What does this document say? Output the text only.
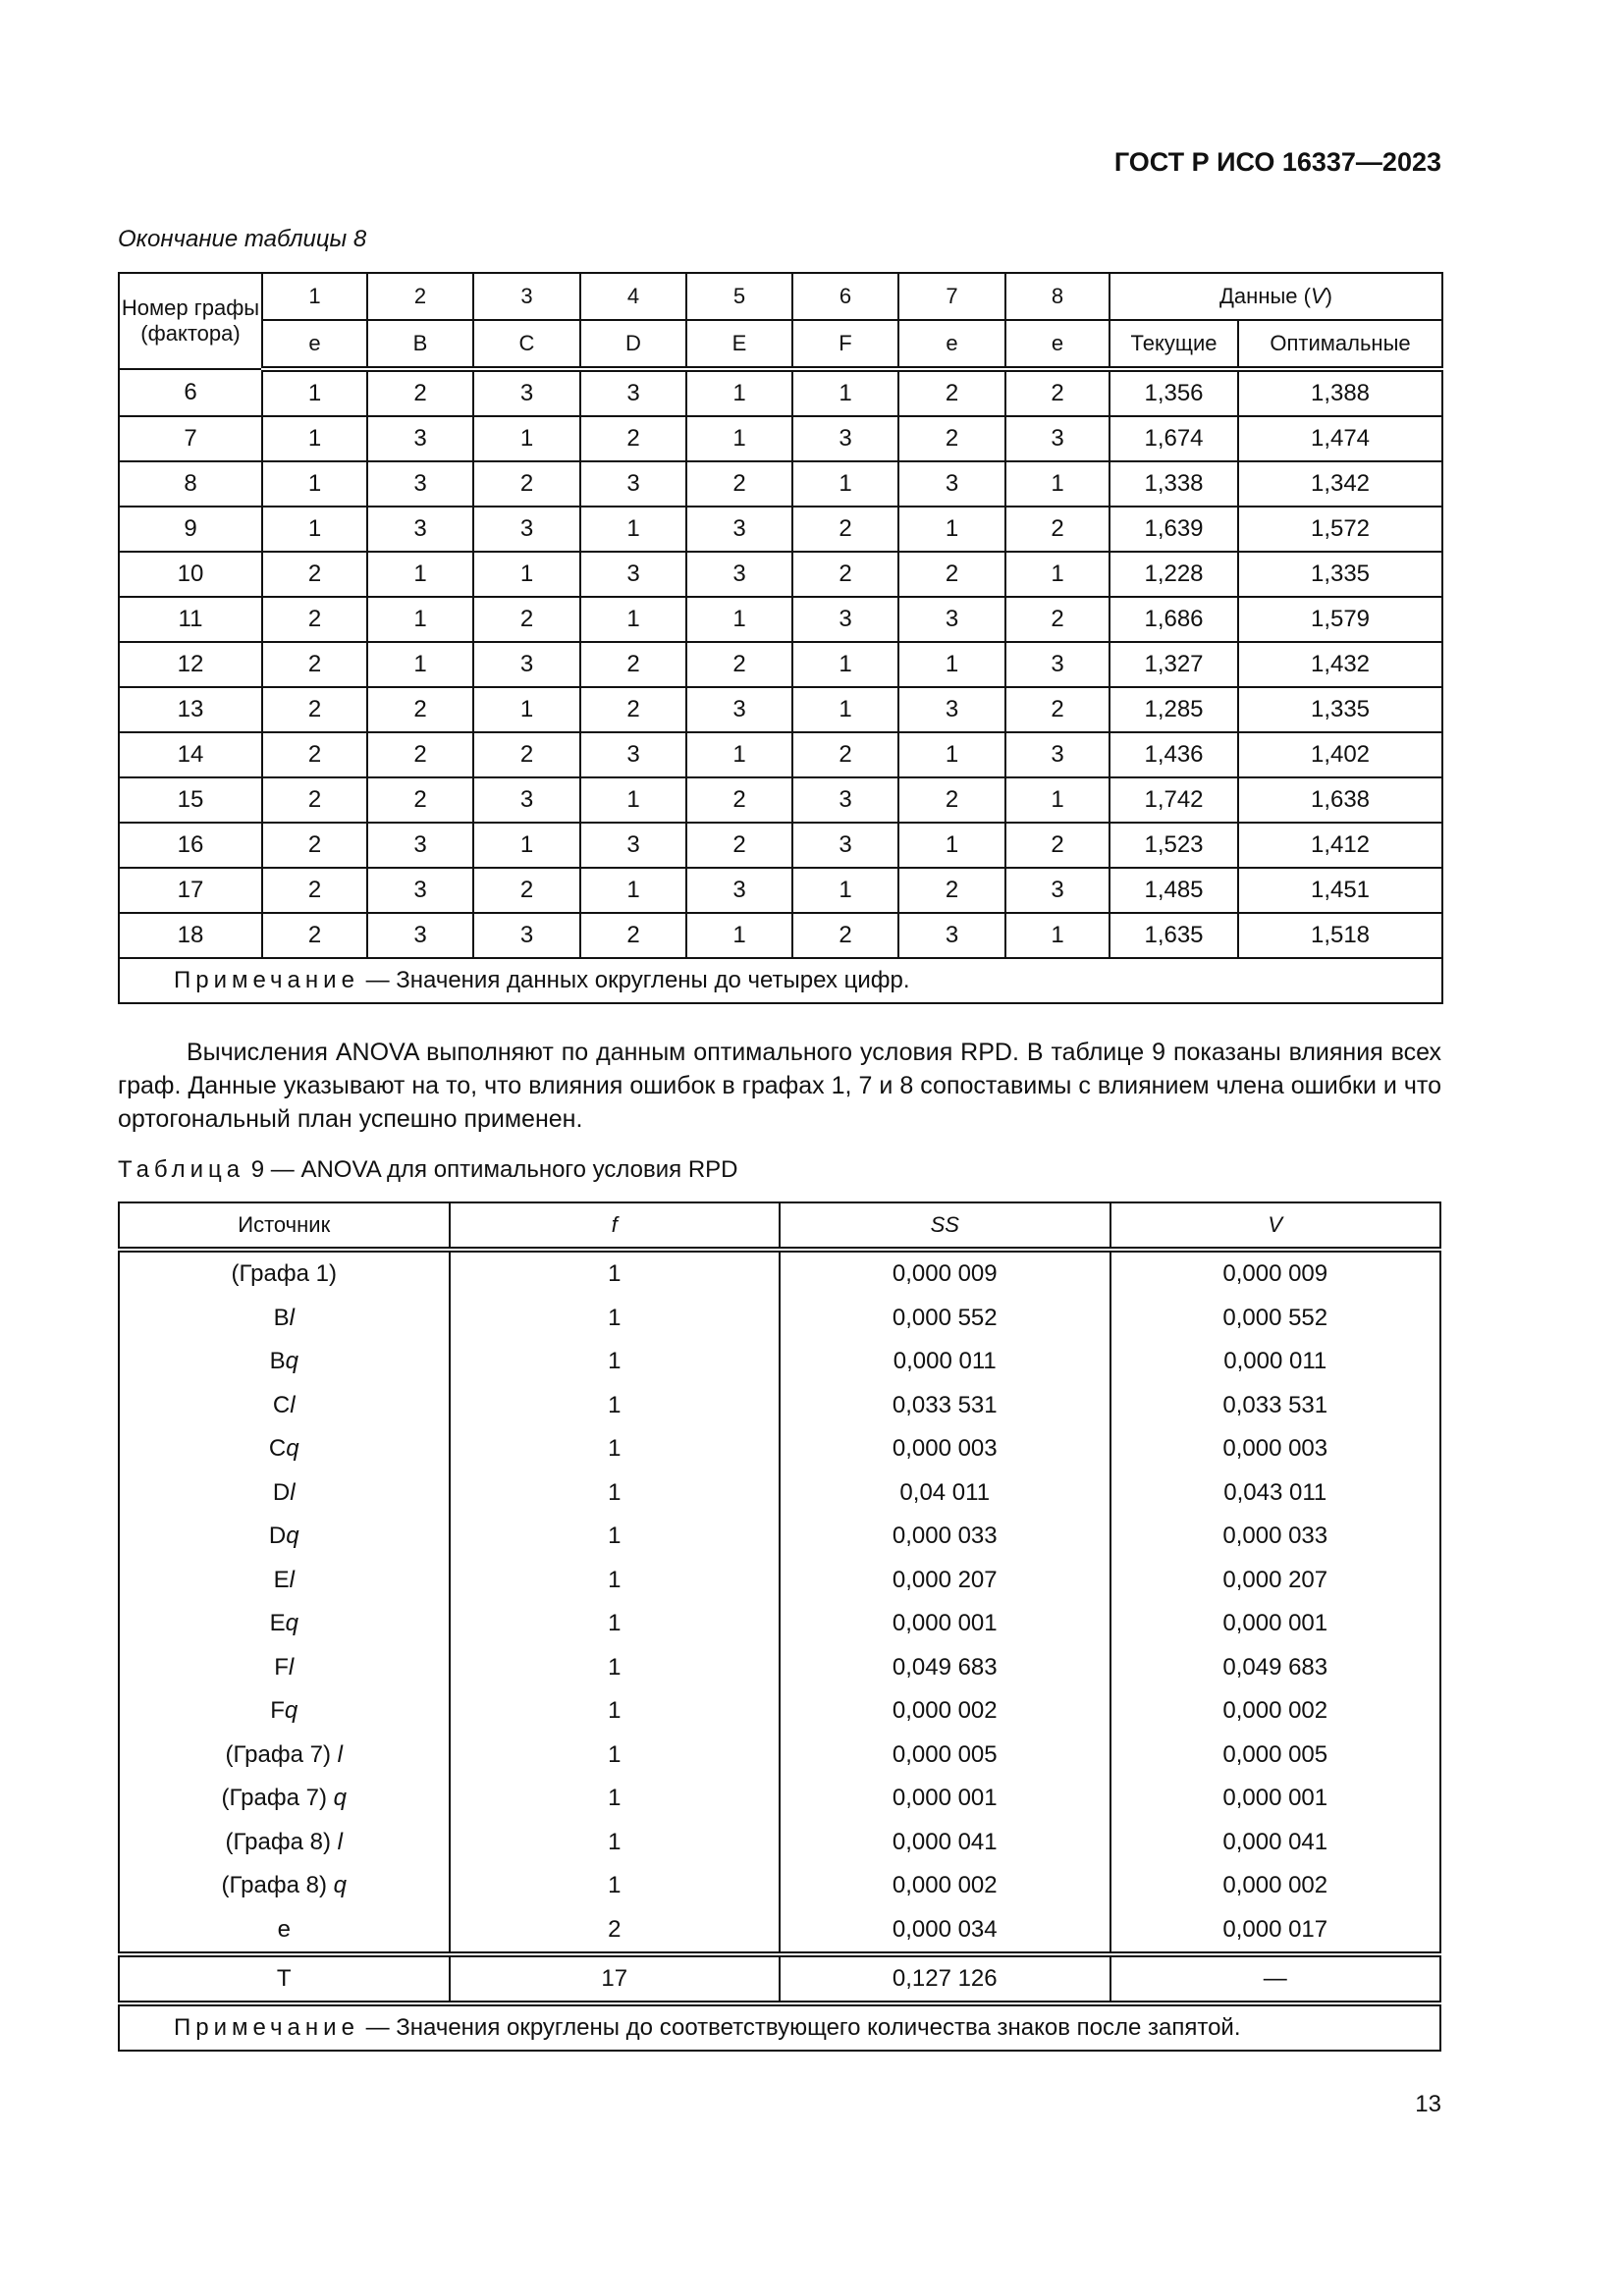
ГОСТ Р ИСО 16337—2023
Окончание таблицы 8
Номер графы (фактора)	1	2	3	4	5	6	7	8	Данные (V)	
	e	B	C	D	E	F	e	e	Текущие	Оптимальные
6	1	2	3	3	1	1	2	2	1,356	1,388
7	1	3	1	2	1	3	2	3	1,674	1,474
8	1	3	2	3	2	1	3	1	1,338	1,342
9	1	3	3	1	3	2	1	2	1,639	1,572
10	2	1	1	3	3	2	2	1	1,228	1,335
11	2	1	2	1	1	3	3	2	1,686	1,579
12	2	1	3	2	2	1	1	3	1,327	1,432
13	2	2	1	2	3	1	3	2	1,285	1,335
14	2	2	2	3	1	2	1	3	1,436	1,402
15	2	2	3	1	2	3	2	1	1,742	1,638
16	2	3	1	3	2	3	1	2	1,523	1,412
17	2	3	2	1	3	1	2	3	1,485	1,451
18	2	3	3	2	1	2	3	1	1,635	1,518
Примечание — Значения данных округлены до четырех цифр.										
Вычисления ANOVA выполняют по данным оптимального условия RPD. В таблице 9 показаны влияния всех граф. Данные указывают на то, что влияния ошибок в графах 1, 7 и 8 сопоставимы с влиянием члена ошибки и что ортогональный план успешно применен.
Таблица 9 — ANOVA для оптимального условия RPD
Источник	f	SS	V
(Графа 1)	1	0,000 009	0,000 009
Bl	1	0,000 552	0,000 552
Bq	1	0,000 011	0,000 011
Cl	1	0,033 531	0,033 531
Cq	1	0,000 003	0,000 003
Dl	1	0,04 011	0,043 011
Dq	1	0,000 033	0,000 033
El	1	0,000 207	0,000 207
Eq	1	0,000 001	0,000 001
Fl	1	0,049 683	0,049 683
Fq	1	0,000 002	0,000 002
(Графа 7) l	1	0,000 005	0,000 005
(Графа 7) q	1	0,000 001	0,000 001
(Графа 8) l	1	0,000 041	0,000 041
(Графа 8) q	1	0,000 002	0,000 002
e	2	0,000 034	0,000 017
T	17	0,127 126	—
Примечание — Значения округлены до соответствующего количества знаков после запятой.			
13
